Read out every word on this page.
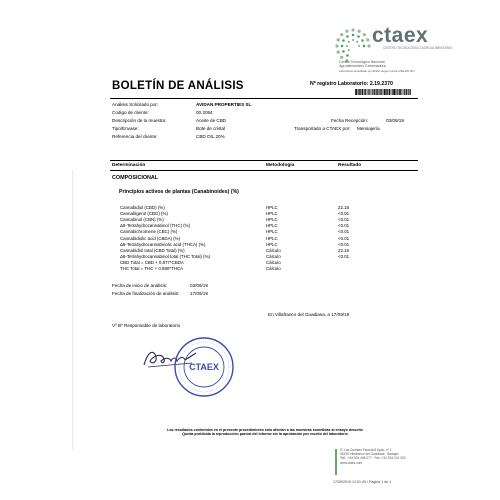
ctaex
CENTRO TECNOLÓGICO AGROALIMENTARIO
Centro Tecnológico Nacional
Agroalimentario Extremadura
Laboratorio acreditado por ENAC según norma UNE-EN ISO
BOLETÍN DE ANÁLISIS	Nº registro Laboratorio: 2.19.2370
Análisis Solicitado por:	AVIDAN PROPERTIES SL
Codigo de cliente:	00.2054
Descripción de la muestra:	Aceite de CBD	Fecha Recepción:	03/09/19
Tipo/Envase:	Bote de cristal	Transportado a CTAEX por: Mensajería
Referencia del cliente:	CBD OIL 20%
Determinación	Metodología	Resultado
COMPOSICIONAL
Principios activos de plantas (Canabinoides) (%)
Cannabidiol (CBD) (%)	HPLC	22.18
Cannabigerol (CBG) (%)	HPLC	<0.01
Cannabinol (CBN) (%)	HPLC	<0.01
Δ9-Tetrahydrocannabinol (THC) (%)	HPLC	<0.01
Cannabichromene (CBC) (%)	HPLC	<0.01
Cannabidiolic acid (CBDA) (%)	HPLC	<0.01
Δ9-Tetrahydrocannabinolic acid (THCA) (%)	HPLC	<0.01
Cannabidiol total (CBD Total) (%)	Cálculo	22.18
Δ9-Tetrahydrocannabinol total (THC Total) (%)	Cálculo	<0.01
CBD Total = CBD + 0.877*CBDA	Cálculo
THC Total = THC + 0.890*THCA	Cálculo
Fecha de inicio de análisis:	03/09/19
Fecha de finalización de análisis: 17/09/19
En Villafranco del Guadiana, a 17/09/19
Vº Bº Responsable de laboratorio
CTAEX
Los resultados contenidos en el presente procedimiento sólo afectan a las muestras sometidas al ensayo descrito
Queda prohibida la reproducción parcial del informe sin la aprobación por escrito del laboratorio
C/ Las Cuestas Parcela 8 Apdo. nº 1
06195 Villafranco del Guadiana · Badajoz
Telf.: +34 924 448 077 · Fax: +34 924 241 002
www.ctaex.com
17/09/2019 12:51:45 / Página 1 de 1
